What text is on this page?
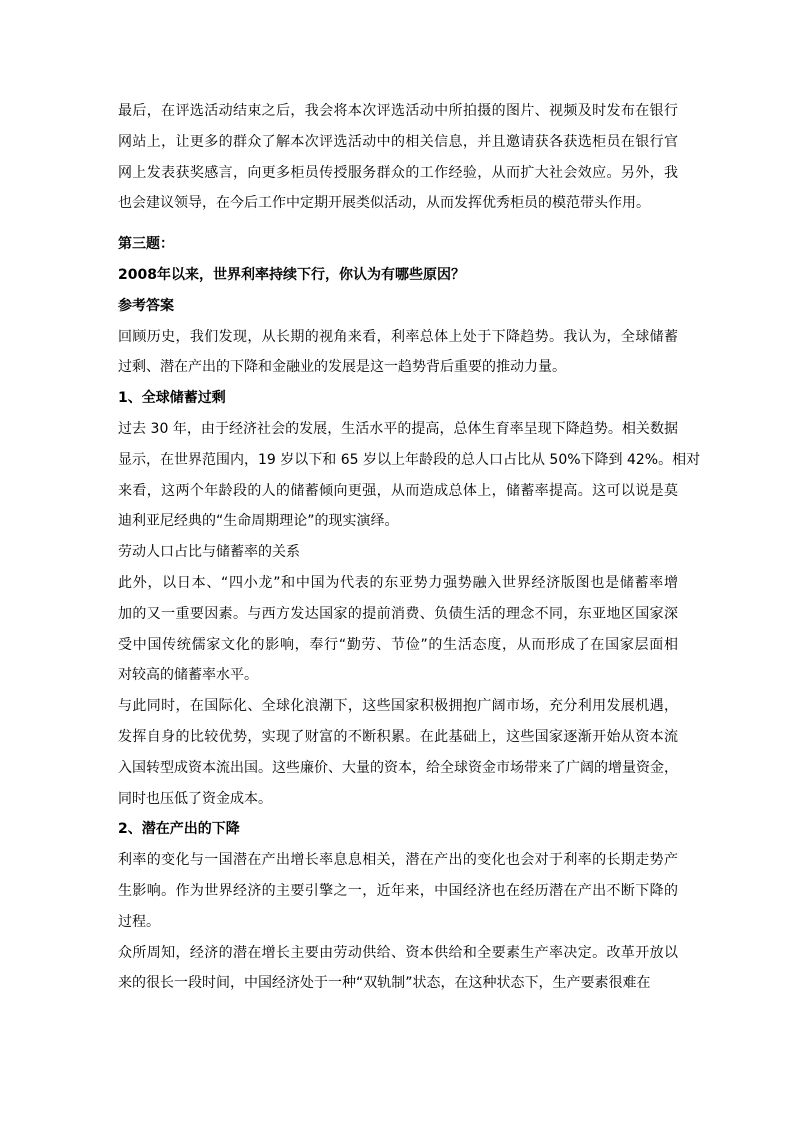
最后，在评选活动结束之后，我会将本次评选活动中所拍摄的图片、视频及时发布在银行
网站上，让更多的群众了解本次评选活动中的相关信息，并且邀请获各获选柜员在银行官
网上发表获奖感言，向更多柜员传授服务群众的工作经验，从而扩大社会效应。另外，我
也会建议领导，在今后工作中定期开展类似活动，从而发挥优秀柜员的模范带头作用。
第三题：
2008年以来，世界利率持续下行，你认为有哪些原因？
参考答案
回顾历史，我们发现，从长期的视角来看，利率总体上处于下降趋势。我认为，全球储蓄
过剩、潜在产出的下降和金融业的发展是这一趋势背后重要的推动力量。
1、全球储蓄过剩
过去 30 年，由于经济社会的发展，生活水平的提高，总体生育率呈现下降趋势。相关数据
显示，在世界范围内，19 岁以下和 65 岁以上年龄段的总人口占比从 50%下降到 42%。相对
来看，这两个年龄段的人的储蓄倾向更强，从而造成总体上，储蓄率提高。这可以说是莫
迪利亚尼经典的“生命周期理论”的现实演绎。
劳动人口占比与储蓄率的关系
此外，以日本、“四小龙”和中国为代表的东亚势力强势融入世界经济版图也是储蓄率增
加的又一重要因素。与西方发达国家的提前消费、负债生活的理念不同，东亚地区国家深
受中国传统儒家文化的影响，奉行“勤劳、节俭”的生活态度，从而形成了在国家层面相
对较高的储蓄率水平。
与此同时，在国际化、全球化浪潮下，这些国家积极拥抱广阔市场，充分利用发展机遇，
发挥自身的比较优势，实现了财富的不断积累。在此基础上，这些国家逐渐开始从资本流
入国转型成资本流出国。这些廉价、大量的资本，给全球资金市场带来了广阔的增量资金，
同时也压低了资金成本。
2、潜在产出的下降
利率的变化与一国潜在产出增长率息息相关，潜在产出的变化也会对于利率的长期走势产
生影响。作为世界经济的主要引擎之一，近年来，中国经济也在经历潜在产出不断下降的
过程。
众所周知，经济的潜在增长主要由劳动供给、资本供给和全要素生产率决定。改革开放以
来的很长一段时间，中国经济处于一种“双轨制”状态，在这种状态下，生产要素很难在
